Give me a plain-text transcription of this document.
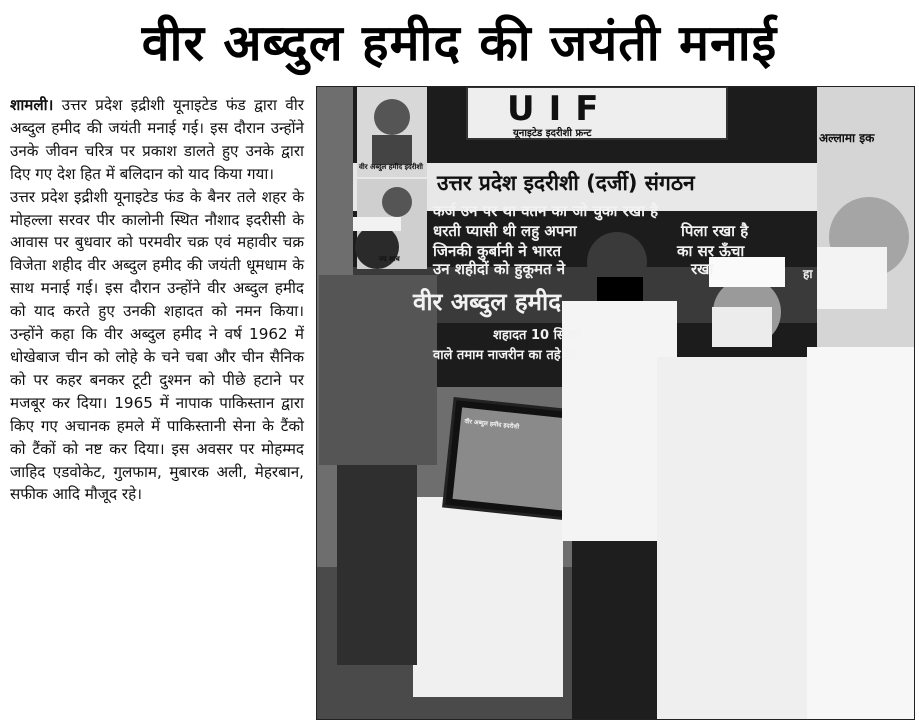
वीर अब्दुल हमीद की जयंती मनाई

शामली। उत्तर प्रदेश इद्रीशी यूनाइटेड फंड द्वारा वीर अब्दुल हमीद की जयंती मनाई गई। इस दौरान उन्होंने उनके जीवन चरित्र पर प्रकाश डालते हुए उनके द्वारा दिए गए देश हित में बलिदान को याद किया गया।

उत्तर प्रदेश इद्रीशी यूनाइटेड फंड के बैनर तले शहर के मोहल्ला सरवर पीर कालोनी स्थित नौशाद इदरीसी के आवास पर बुधवार को परमवीर चक्र एवं महावीर चक्र विजेता शहीद वीर अब्दुल हमीद की जयंती धूमधाम के साथ मनाई गई। इस दौरान उन्होंने वीर अब्दुल हमीद को याद करते हुए उनकी शहादत को नमन किया। उन्होंने कहा कि वीर अब्दुल हमीद ने वर्ष 1962 में धोखेबाज चीन को लोहे के चने चबा और चीन सैनिक को पर कहर बनकर टूटी दुश्मन को पीछे हटाने पर मजबूर कर दिया। 1965 में नापाक पाकिस्तान द्वारा किए गए अचानक हमले में पाकिस्तानी सेना के टैंको को टैंकों को नष्ट कर दिया। इस अवसर पर मोहम्मद जाहिद एडवोकेट, गुलफाम, मुबारक अली, मेहरबान, सफीक आदि मौजूद रहे।

UIF
यूनाइटेड इदरीशी फ्रन्ट
उत्तर प्रदेश इदरीशी (दर्जी) संगठन
कर्ज उन पर था वतन का जो चुका रखा है
धरती प्यासी थी लहु अपना	पिला रखा है
जिनकी कुर्बानी ने भारत	का सर ऊँचा
उन शहीदों को हुकूमत ने	रखा
वीर अब्दुल हमीद
शहादत 10 सितम
वाले तमाम नाजरीन का तहे दि
अल्लामा इक
हा
वीर अब्दुल हमीद इदरीशी
ज्द साब
वीर अब्दुल हमीद इदरीशी
